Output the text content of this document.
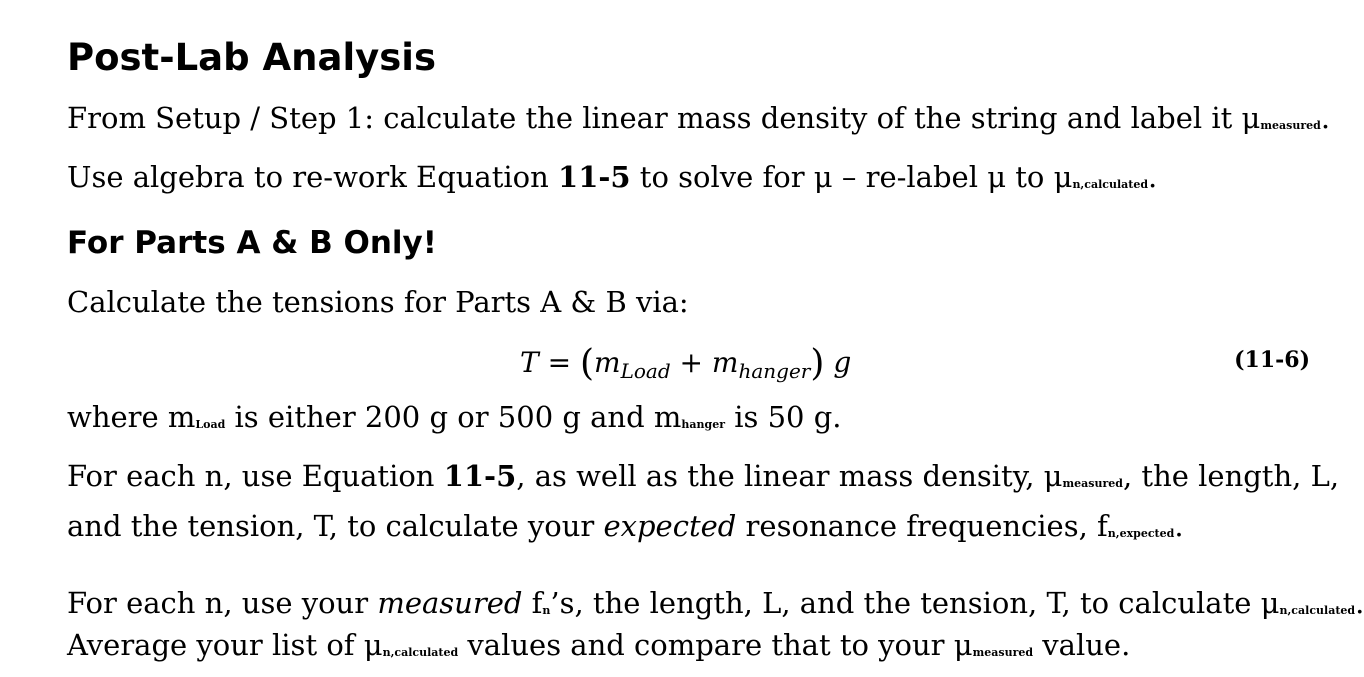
Post-Lab Analysis

From Setup / Step 1: calculate the linear mass density of the string and label it $\mu_{measured}$.

Use algebra to re-work Equation 11-5 to solve for μ – re-label μ to $\mu_{n,calculated}$.

For Parts A & B Only!

Calculate the tensions for Parts A & B via:

$T = (m_{Load} + m_{hanger})$ g	(11-6)

where $m_{Load}$ is either 200 g or 500 g and $m_{hanger}$ is 50 g.

For each n, use Equation 11-5, as well as the linear mass density, $\mu_{measured}$, the length, L,

and the tension, T, to calculate your expected resonance frequencies, $f_{n,expected}$.

For each n, use your measured $f_n’s$, the length, L, and the tension, T, to calculate $\mu_{n,calculated}$.

Average your list of $\mu_{n,calculated}$ values and compare that to your $\mu_{measured}$ value.
